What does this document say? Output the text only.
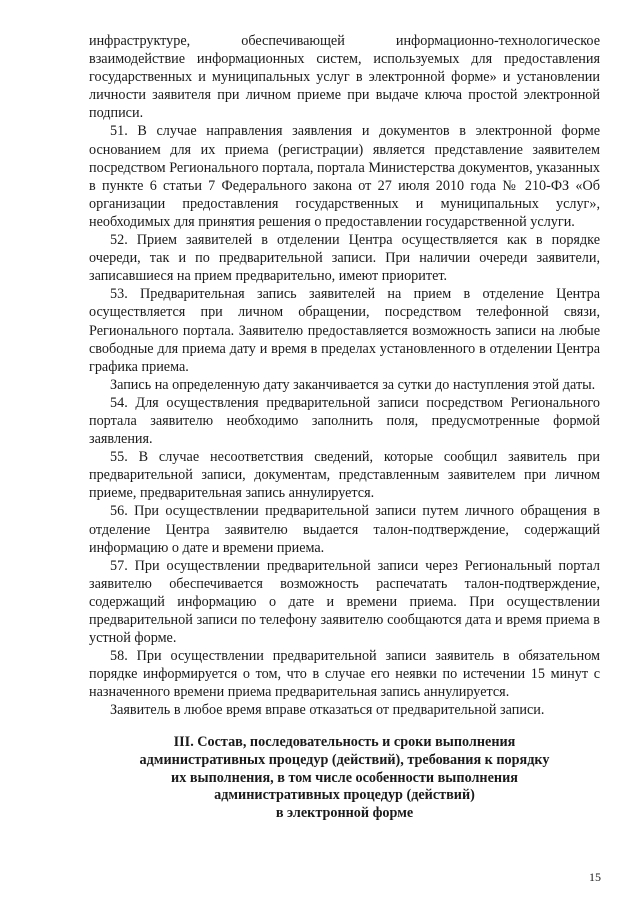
инфраструктуре, обеспечивающей информационно-технологическое взаимодействие информационных систем, используемых для предоставления государственных и муниципальных услуг в электронной форме» и установлении личности заявителя при личном приеме при выдаче ключа простой электронной подписи.

51. В случае направления заявления и документов в электронной форме основанием для их приема (регистрации) является представление заявителем посредством Регионального портала, портала Министерства документов, указанных в пункте 6 статьи 7 Федерального закона от 27 июля 2010 года № 210-ФЗ «Об организации предоставления государственных и муниципальных услуг», необходимых для принятия решения о предоставлении государственной услуги.

52. Прием заявителей в отделении Центра осуществляется как в порядке очереди, так и по предварительной записи. При наличии очереди заявители, записавшиеся на прием предварительно, имеют приоритет.

53. Предварительная запись заявителей на прием в отделение Центра осуществляется при личном обращении, посредством телефонной связи, Регионального портала. Заявителю предоставляется возможность записи на любые свободные для приема дату и время в пределах установленного в отделении Центра графика приема.

Запись на определенную дату заканчивается за сутки до наступления этой даты.

54. Для осуществления предварительной записи посредством Регионального портала заявителю необходимо заполнить поля, предусмотренные формой заявления.

55. В случае несоответствия сведений, которые сообщил заявитель при предварительной записи, документам, представленным заявителем при личном приеме, предварительная запись аннулируется.

56. При осуществлении предварительной записи путем личного обращения в отделение Центра заявителю выдается талон-подтверждение, содержащий информацию о дате и времени приема.

57. При осуществлении предварительной записи через Региональный портал заявителю обеспечивается возможность распечатать талон-подтверждение, содержащий информацию о дате и времени приема. При осуществлении предварительной записи по телефону заявителю сообщаются дата и время приема в устной форме.

58. При осуществлении предварительной записи заявитель в обязательном порядке информируется о том, что в случае его неявки по истечении 15 минут с назначенного времени приема предварительная запись аннулируется.

Заявитель в любое время вправе отказаться от предварительной записи.

III. Состав, последовательность и сроки выполнения
административных процедур (действий), требования к порядку
их выполнения, в том числе особенности выполнения
административных процедур (действий)
в электронной форме
15
